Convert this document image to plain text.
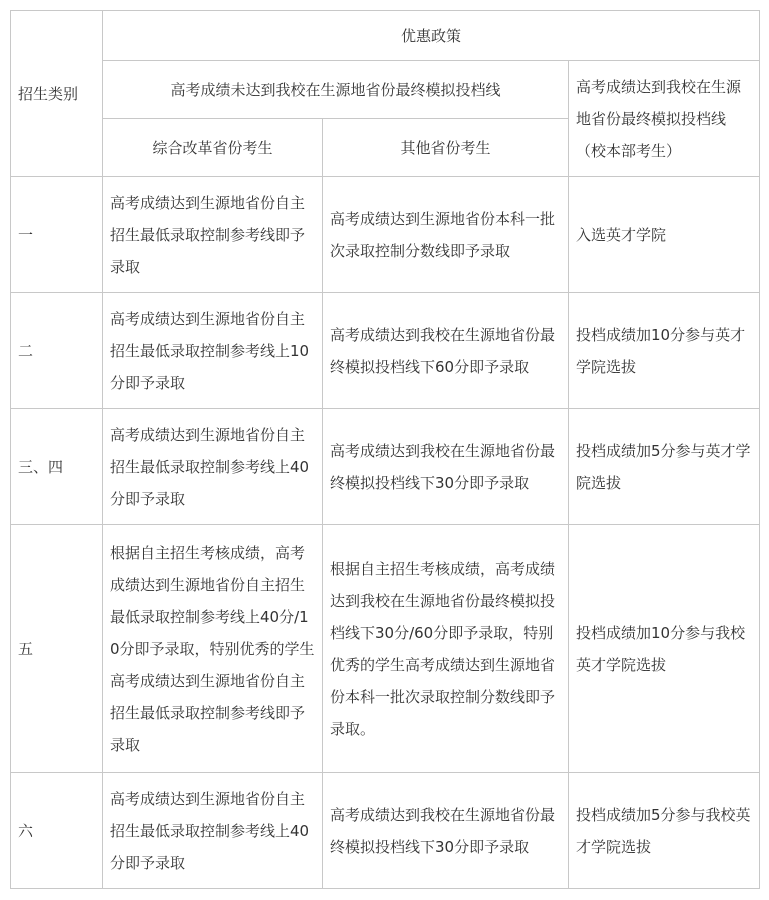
招生类别	优惠政策		
	高考成绩未达到我校在生源地省份最终模拟投档线		高考成绩达到我校在生源地省份最终模拟投档线（校本部考生）
	综合改革省份考生	其他省份考生	
一	高考成绩达到生源地省份自主招生最低录取控制参考线即予录取	高考成绩达到生源地省份本科一批次录取控制分数线即予录取	入选英才学院
二	高考成绩达到生源地省份自主招生最低录取控制参考线上10分即予录取	高考成绩达到我校在生源地省份最终模拟投档线下60分即予录取	投档成绩加10分参与英才学院选拔
三、四	高考成绩达到生源地省份自主招生最低录取控制参考线上40分即予录取	高考成绩达到我校在生源地省份最终模拟投档线下30分即予录取	投档成绩加5分参与英才学院选拔
五	根据自主招生考核成绩，高考成绩达到生源地省份自主招生最低录取控制参考线上40分/10分即予录取，特别优秀的学生高考成绩达到生源地省份自主招生最低录取控制参考线即予录取	根据自主招生考核成绩，高考成绩达到我校在生源地省份最终模拟投档线下30分/60分即予录取，特别优秀的学生高考成绩达到生源地省份本科一批次录取控制分数线即予录取。	投档成绩加10分参与我校英才学院选拔
六	高考成绩达到生源地省份自主招生最低录取控制参考线上40分即予录取	高考成绩达到我校在生源地省份最终模拟投档线下30分即予录取	投档成绩加5分参与我校英才学院选拔
